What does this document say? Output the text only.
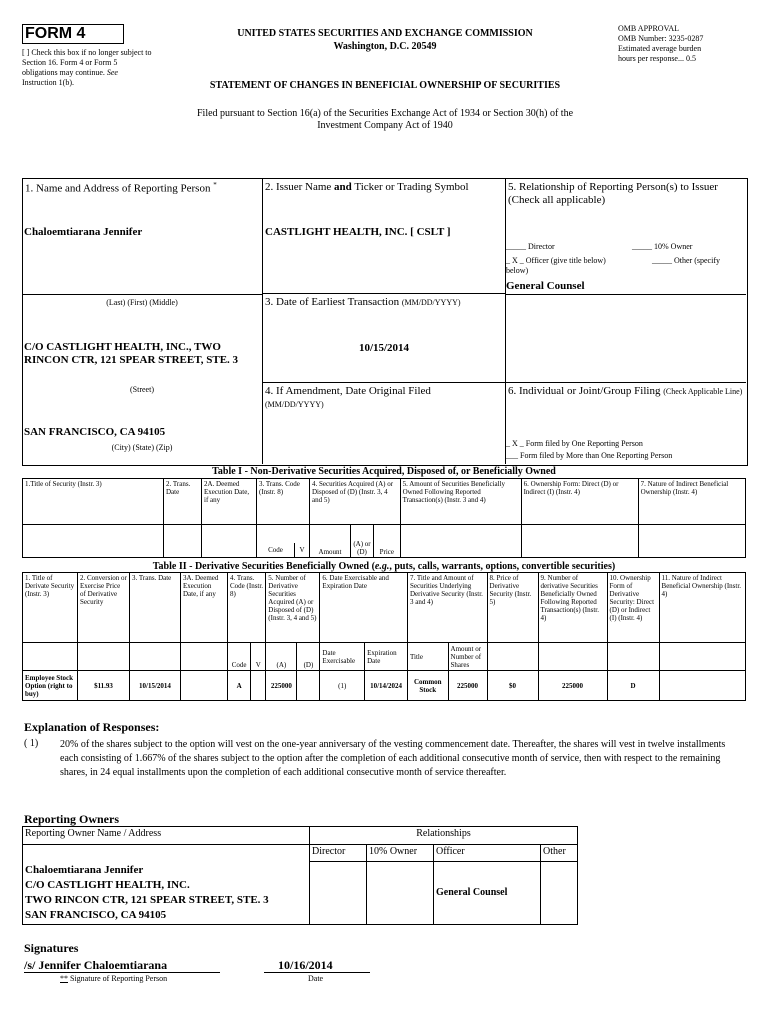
FORM 4
[ ] Check this box if no longer subject to Section 16. Form 4 or Form 5 obligations may continue. See Instruction 1(b).
UNITED STATES SECURITIES AND EXCHANGE COMMISSION
Washington, D.C. 20549
STATEMENT OF CHANGES IN BENEFICIAL OWNERSHIP OF SECURITIES
OMB APPROVAL
OMB Number: 3235-0287
Estimated average burden
hours per response... 0.5
Filed pursuant to Section 16(a) of the Securities Exchange Act of 1934 or Section 30(h) of the
Investment Company Act of 1940
1. Name and Address of Reporting Person *
Chaloemtiarana Jennifer
(Last) (First) (Middle)
C/O CASTLIGHT HEALTH, INC., TWO RINCON CTR, 121 SPEAR STREET, STE. 3
(Street)
SAN FRANCISCO, CA 94105
(City) (State) (Zip)
2. Issuer Name and Ticker or Trading Symbol
CASTLIGHT HEALTH, INC. [ CSLT ]
3. Date of Earliest Transaction (MM/DD/YYYY)
10/15/2014
4. If Amendment, Date Original Filed
(MM/DD/YYYY)
5. Relationship of Reporting Person(s) to Issuer
(Check all applicable)
_____ Director	_____ 10% Owner
_ X _ Officer (give title below)	_____ Other (specify below)
General Counsel
6. Individual or Joint/Group Filing (Check Applicable Line)
_ X _ Form filed by One Reporting Person
___ Form filed by More than One Reporting Person
Table I - Non-Derivative Securities Acquired, Disposed of, or Beneficially Owned
1.Title of Security (Instr. 3)	2. Trans. Date	2A. Deemed Execution Date, if any	3. Trans. Code (Instr. 8)	4. Securities Acquired (A) or Disposed of (D) (Instr. 3, 4 and 5)			5. Amount of Securities Beneficially Owned Following Reported Transaction(s) (Instr. 3 and 4)	6. Ownership Form: Direct (D) or Indirect (I) (Instr. 4)	7. Nature of Indirect Beneficial Ownership (Instr. 4)

			Code V	Amount	(A) or (D)	Price			
Table II - Derivative Securities Beneficially Owned (e.g., puts, calls, warrants, options, convertible securities)
1. Title of Derivate Security (Instr. 3)	2. Conversion or Exercise Price of Derivative Security	3. Trans. Date	3A. Deemed Execution Date, if any	4. Trans. Code (Instr. 8)		5. Number of Derivative Securities Acquired (A) or Disposed of (D) (Instr. 3, 4 and 5)		6. Date Exercisable and Expiration Date		7. Title and Amount of Securities Underlying Derivative Security (Instr. 3 and 4)		8. Price of Derivative Security (Instr. 5)	9. Number of derivative Securities Beneficially Owned Following Reported Transaction(s) (Instr. 4)	10. Ownership Form of Derivative Security: Direct (D) or Indirect (I) (Instr. 4)	11. Nature of Indirect Beneficial Ownership (Instr. 4)
				Code	V	(A)	(D)	Date Exercisable	Expiration Date	Title	Amount or Number of Shares				
Employee Stock Option (right to buy)	$11.93	10/15/2014		A		225000		(1)	10/14/2024	Common Stock	225000	$0	225000	D	
Explanation of Responses:
( 1) 20% of the shares subject to the option will vest on the one-year anniversary of the vesting commencement date. Thereafter, the shares will vest in twelve installments each consisting of 1.667% of the shares subject to the option after the completion of each additional consecutive month of service, then with respect to the remaining shares, in 24 equal installments upon the completion of each additional consecutive month of service thereafter.
Reporting Owners
Reporting Owner Name / Address	Relationships			
	Director	10% Owner	Officer	Other

Chaloemtiarana Jennifer
C/O CASTLIGHT HEALTH, INC.
TWO RINCON CTR, 121 SPEAR STREET, STE. 3
SAN FRANCISCO, CA 94105			General Counsel	
Signatures
/s/ Jennifer Chaloemtiarana	10/16/2014
** Signature of Reporting Person	Date
